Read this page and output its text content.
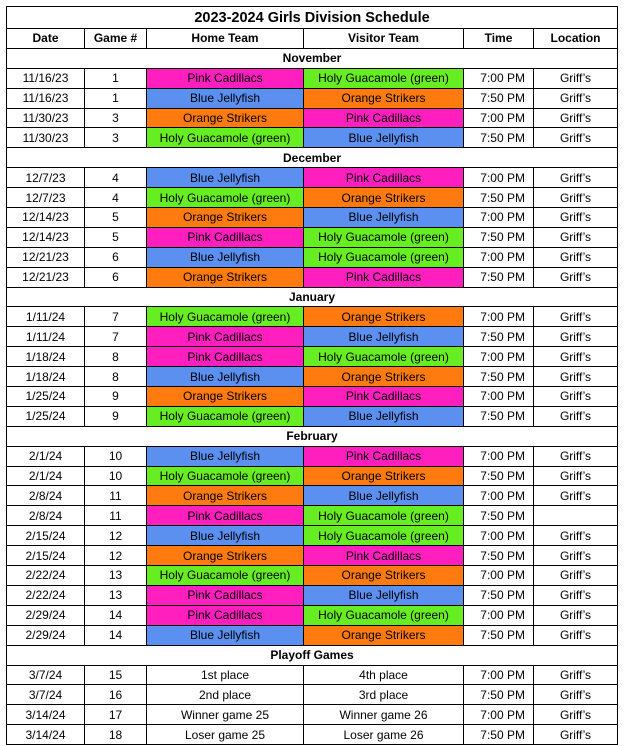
2023-2024 Girls Division Schedule					
Date	Game #	Home Team	Visitor Team	Time	Location
November					
11/16/23	1	Pink Cadillacs	Holy Guacamole (green)	7:00 PM	Griff’s
11/16/23	1	Blue Jellyfish	Orange Strikers	7:50 PM	Griff’s
11/30/23	3	Orange Strikers	Pink Cadillacs	7:00 PM	Griff’s
11/30/23	3	Holy Guacamole (green)	Blue Jellyfish	7:50 PM	Griff’s
December					
12/7/23	4	Blue Jellyfish	Pink Cadillacs	7:00 PM	Griff’s
12/7/23	4	Holy Guacamole (green)	Orange Strikers	7:50 PM	Griff’s
12/14/23	5	Orange Strikers	Blue Jellyfish	7:00 PM	Griff’s
12/14/23	5	Pink Cadillacs	Holy Guacamole (green)	7:50 PM	Griff’s
12/21/23	6	Blue Jellyfish	Holy Guacamole (green)	7:00 PM	Griff’s
12/21/23	6	Orange Strikers	Pink Cadillacs	7:50 PM	Griff’s
January					
1/11/24	7	Holy Guacamole (green)	Orange Strikers	7:00 PM	Griff’s
1/11/24	7	Pink Cadillacs	Blue Jellyfish	7:50 PM	Griff’s
1/18/24	8	Pink Cadillacs	Holy Guacamole (green)	7:00 PM	Griff’s
1/18/24	8	Blue Jellyfish	Orange Strikers	7:50 PM	Griff’s
1/25/24	9	Orange Strikers	Pink Cadillacs	7:00 PM	Griff’s
1/25/24	9	Holy Guacamole (green)	Blue Jellyfish	7:50 PM	Griff’s
February					
2/1/24	10	Blue Jellyfish	Pink Cadillacs	7:00 PM	Griff’s
2/1/24	10	Holy Guacamole (green)	Orange Strikers	7:50 PM	Griff’s
2/8/24	11	Orange Strikers	Blue Jellyfish	7:00 PM	Griff’s
2/8/24	11	Pink Cadillacs	Holy Guacamole (green)	7:50 PM	
2/15/24	12	Blue Jellyfish	Holy Guacamole (green)	7:00 PM	Griff’s
2/15/24	12	Orange Strikers	Pink Cadillacs	7:50 PM	Griff’s
2/22/24	13	Holy Guacamole (green)	Orange Strikers	7:00 PM	Griff’s
2/22/24	13	Pink Cadillacs	Blue Jellyfish	7:50 PM	Griff’s
2/29/24	14	Pink Cadillacs	Holy Guacamole (green)	7:00 PM	Griff’s
2/29/24	14	Blue Jellyfish	Orange Strikers	7:50 PM	Griff’s
Playoff Games					
3/7/24	15	1st place	4th place	7:00 PM	Griff’s
3/7/24	16	2nd place	3rd place	7:50 PM	Griff’s
3/14/24	17	Winner game 25	Winner game 26	7:00 PM	Griff’s
3/14/24	18	Loser game 25	Loser game 26	7:50 PM	Griff’s
